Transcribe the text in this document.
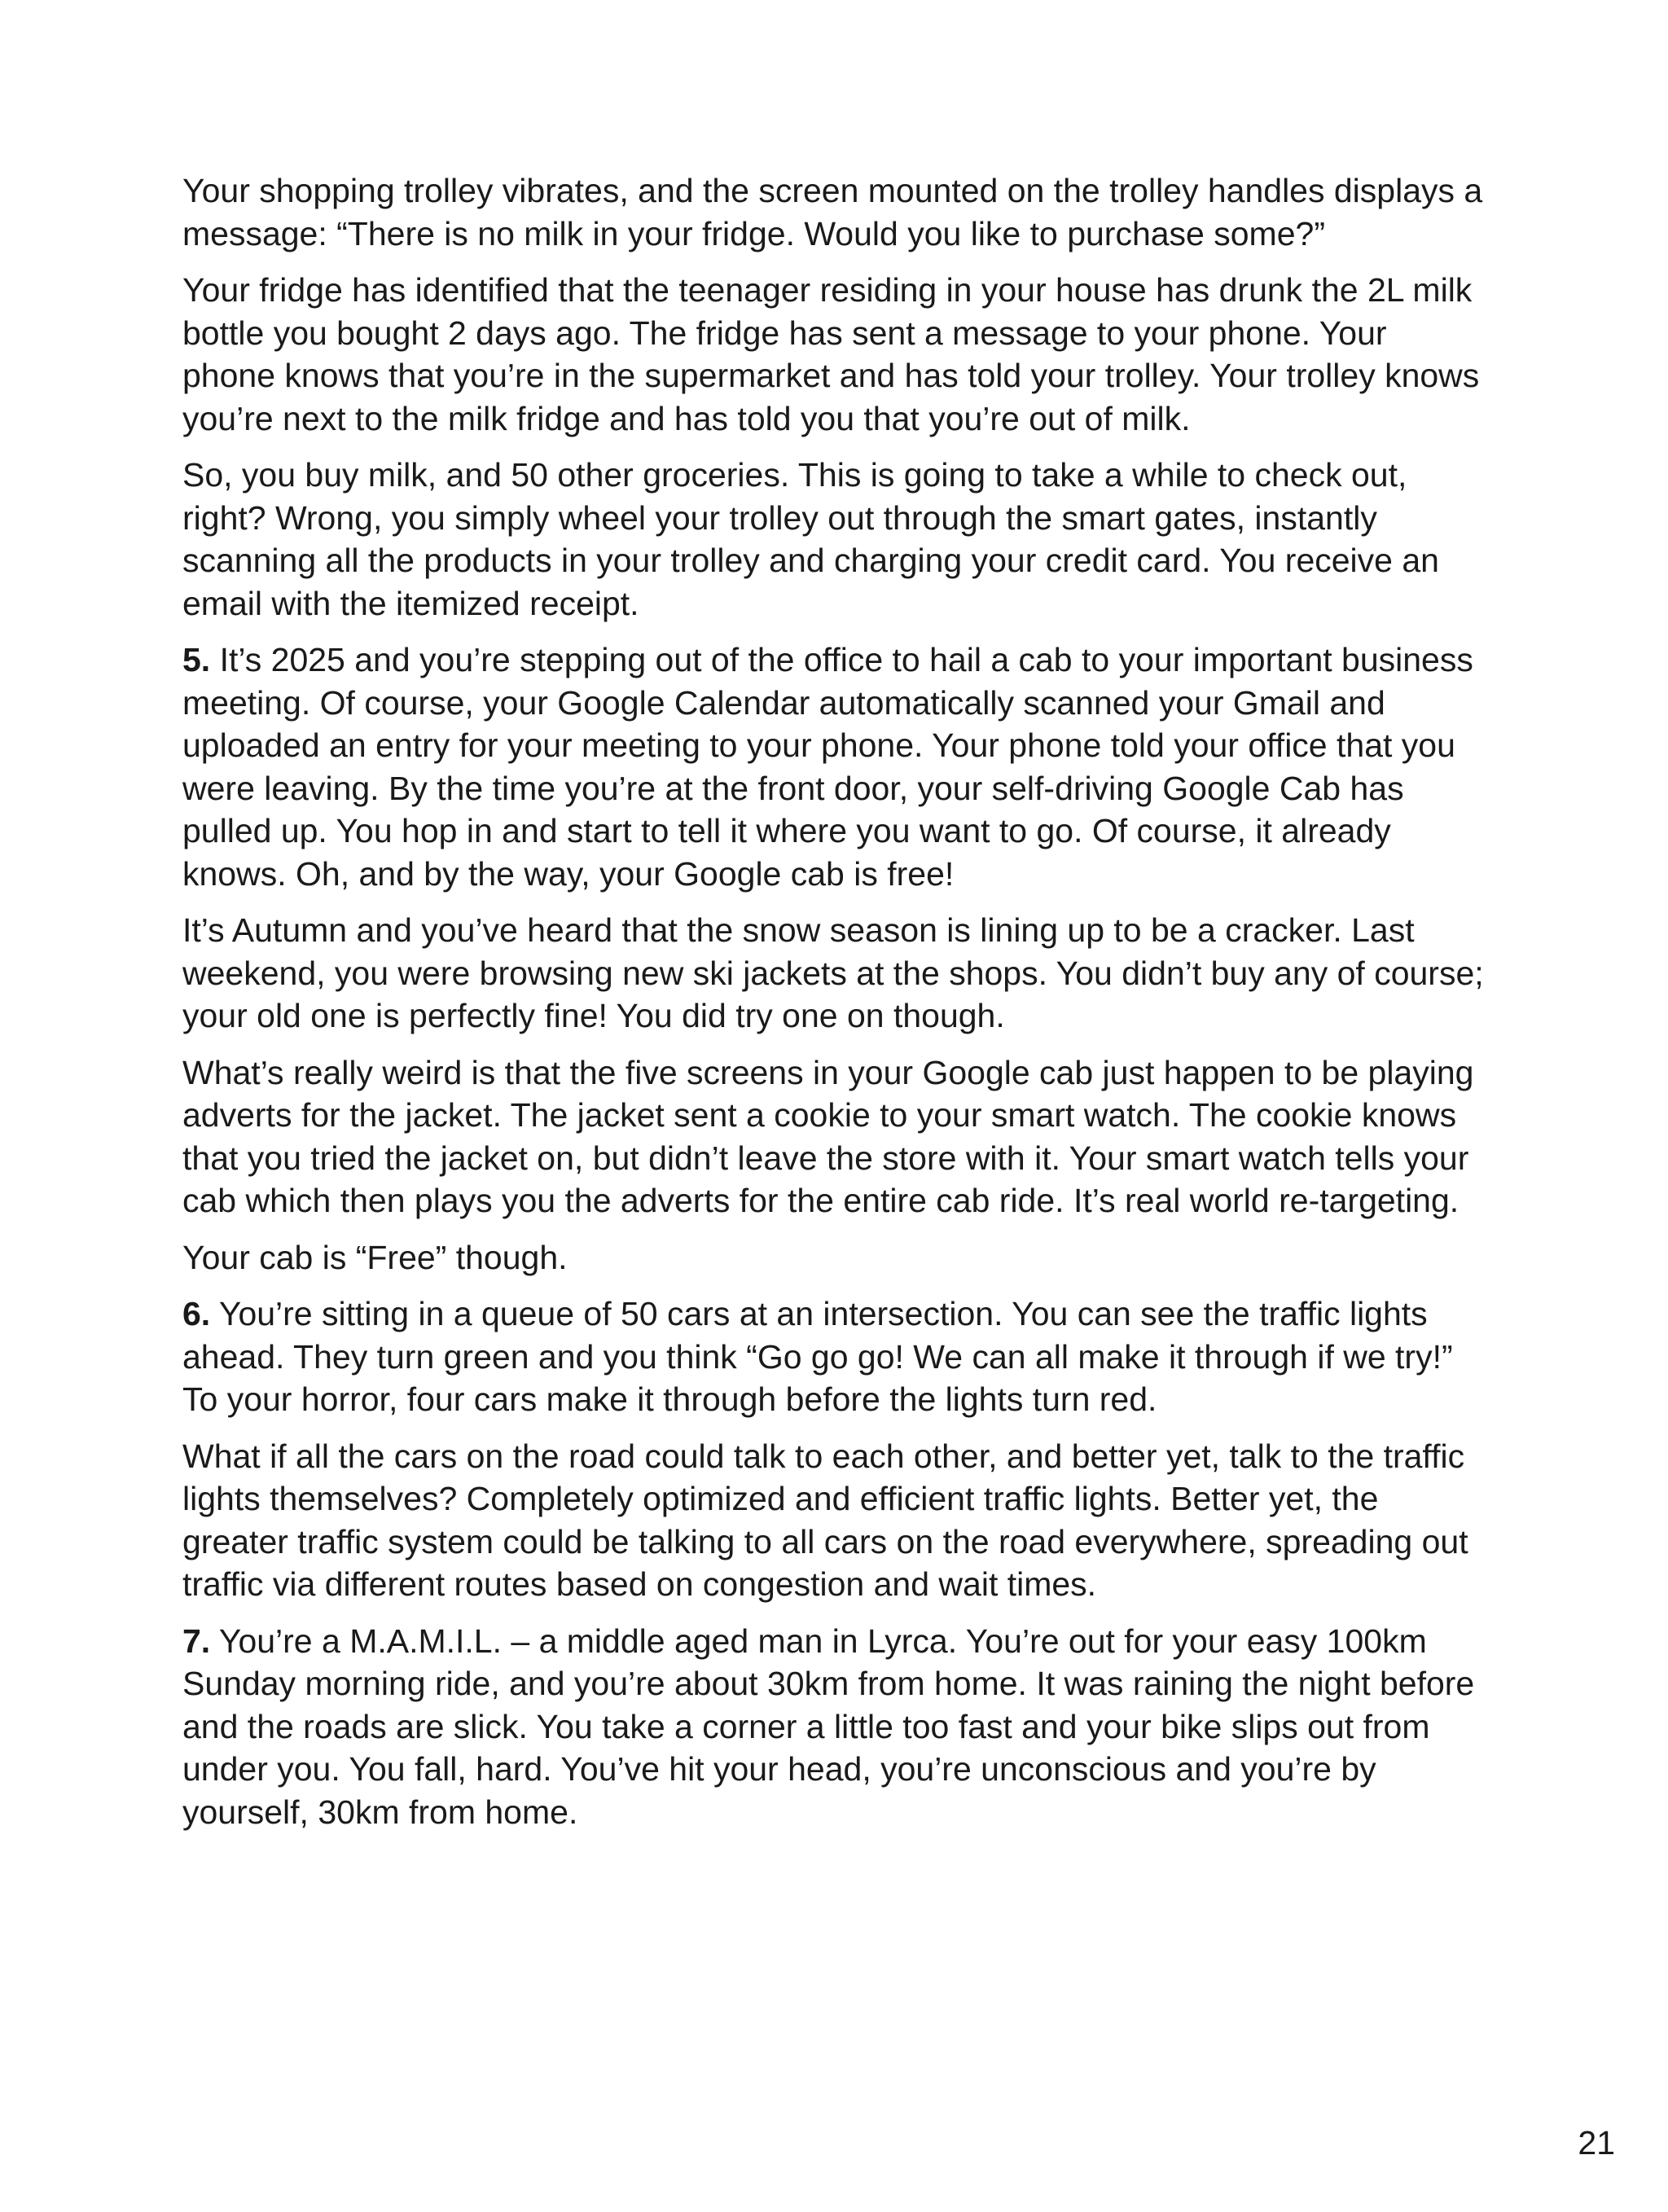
Your shopping trolley vibrates, and the screen mounted on the trolley handles displays a message: “There is no milk in your fridge. Would you like to purchase some?”

Your fridge has identified that the teenager residing in your house has drunk the 2L milk bottle you bought 2 days ago. The fridge has sent a message to your phone. Your phone knows that you’re in the supermarket and has told your trolley. Your trolley knows you’re next to the milk fridge and has told you that you’re out of milk.

So, you buy milk, and 50 other groceries. This is going to take a while to check out, right? Wrong, you simply wheel your trolley out through the smart gates, instantly scanning all the products in your trolley and charging your credit card. You receive an email with the itemized receipt.

5. It’s 2025 and you’re stepping out of the office to hail a cab to your important business meeting. Of course, your Google Calendar automatically scanned your Gmail and uploaded an entry for your meeting to your phone. Your phone told your office that you were leaving. By the time you’re at the front door, your self-driving Google Cab has pulled up. You hop in and start to tell it where you want to go. Of course, it already knows. Oh, and by the way, your Google cab is free!

It’s Autumn and you’ve heard that the snow season is lining up to be a cracker. Last weekend, you were browsing new ski jackets at the shops. You didn’t buy any of course; your old one is perfectly fine! You did try one on though.

What’s really weird is that the five screens in your Google cab just happen to be playing adverts for the jacket. The jacket sent a cookie to your smart watch. The cookie knows that you tried the jacket on, but didn’t leave the store with it. Your smart watch tells your cab which then plays you the adverts for the entire cab ride. It’s real world re-targeting.

Your cab is “Free” though.

6. You’re sitting in a queue of 50 cars at an intersection. You can see the traffic lights ahead. They turn green and you think “Go go go! We can all make it through if we try!” To your horror, four cars make it through before the lights turn red.

What if all the cars on the road could talk to each other, and better yet, talk to the traffic lights themselves? Completely optimized and efficient traffic lights. Better yet, the greater traffic system could be talking to all cars on the road everywhere, spreading out traffic via different routes based on congestion and wait times.

7. You’re a M.A.M.I.L. – a middle aged man in Lyrca. You’re out for your easy 100km Sunday morning ride, and you’re about 30km from home. It was raining the night before and the roads are slick. You take a corner a little too fast and your bike slips out from under you. You fall, hard. You’ve hit your head, you’re unconscious and you’re by yourself, 30km from home.

21
